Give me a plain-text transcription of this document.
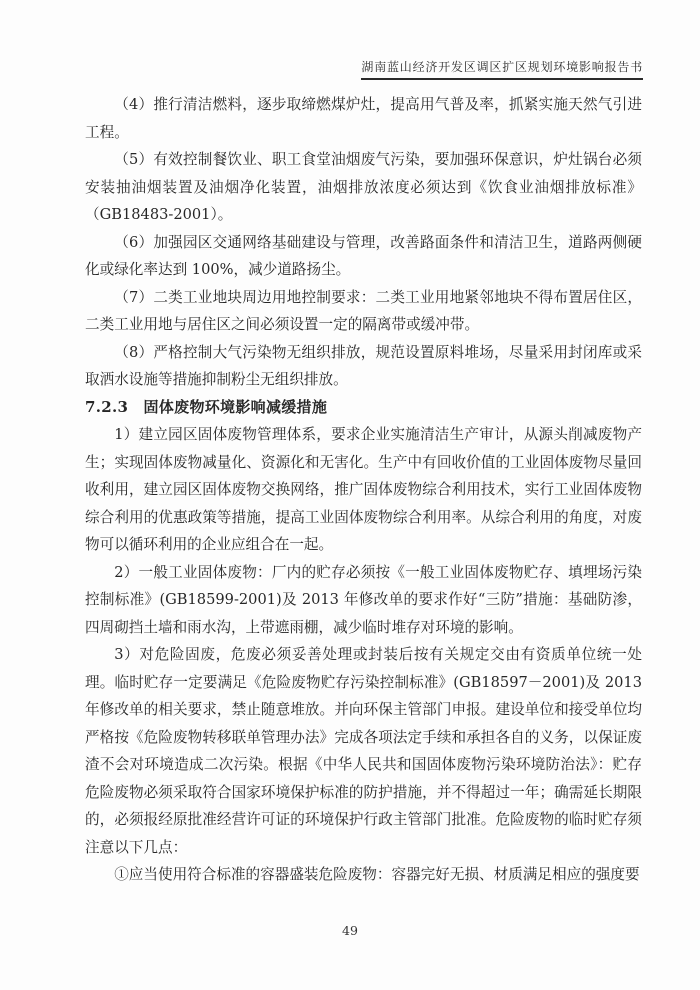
湖南蓝山经济开发区调区扩区规划环境影响报告书

（4）推行清洁燃料，逐步取缔燃煤炉灶，提高用气普及率，抓紧实施天然气引进工程。

（5）有效控制餐饮业、职工食堂油烟废气污染，要加强环保意识，炉灶锅台必须安装抽油烟装置及油烟净化装置，油烟排放浓度必须达到《饮食业油烟排放标准》（GB18483-2001）。

（6）加强园区交通网络基础建设与管理，改善路面条件和清洁卫生，道路两侧硬化或绿化率达到 100%，减少道路扬尘。

（7）二类工业地块周边用地控制要求：二类工业用地紧邻地块不得布置居住区，二类工业用地与居住区之间必须设置一定的隔离带或缓冲带。

（8）严格控制大气污染物无组织排放，规范设置原料堆场，尽量采用封闭库或采取洒水设施等措施抑制粉尘无组织排放。

7.2.3　固体废物环境影响减缓措施

1）建立园区固体废物管理体系，要求企业实施清洁生产审计，从源头削减废物产生；实现固体废物减量化、资源化和无害化。生产中有回收价值的工业固体废物尽量回收利用，建立园区固体废物交换网络，推广固体废物综合利用技术，实行工业固体废物综合利用的优惠政策等措施，提高工业固体废物综合利用率。从综合利用的角度，对废物可以循环利用的企业应组合在一起。

2）一般工业固体废物：厂内的贮存必须按《一般工业固体废物贮存、填埋场污染控制标准》(GB18599-2001)及 2013 年修改单的要求作好“三防”措施：基础防渗，四周砌挡土墙和雨水沟，上带遮雨棚，减少临时堆存对环境的影响。

3）对危险固废，危废必须妥善处理或封装后按有关规定交由有资质单位统一处理。临时贮存一定要满足《危险废物贮存污染控制标准》(GB18597－2001)及 2013 年修改单的相关要求，禁止随意堆放。并向环保主管部门申报。建设单位和接受单位均严格按《危险废物转移联单管理办法》完成各项法定手续和承担各自的义务，以保证废渣不会对环境造成二次污染。根据《中华人民共和国固体废物污染环境防治法》：贮存危险废物必须采取符合国家环境保护标准的防护措施，并不得超过一年；确需延长期限的，必须报经原批准经营许可证的环境保护行政主管部门批准。危险废物的临时贮存须注意以下几点：

①应当使用符合标准的容器盛装危险废物：容器完好无损、材质满足相应的强度要

49
